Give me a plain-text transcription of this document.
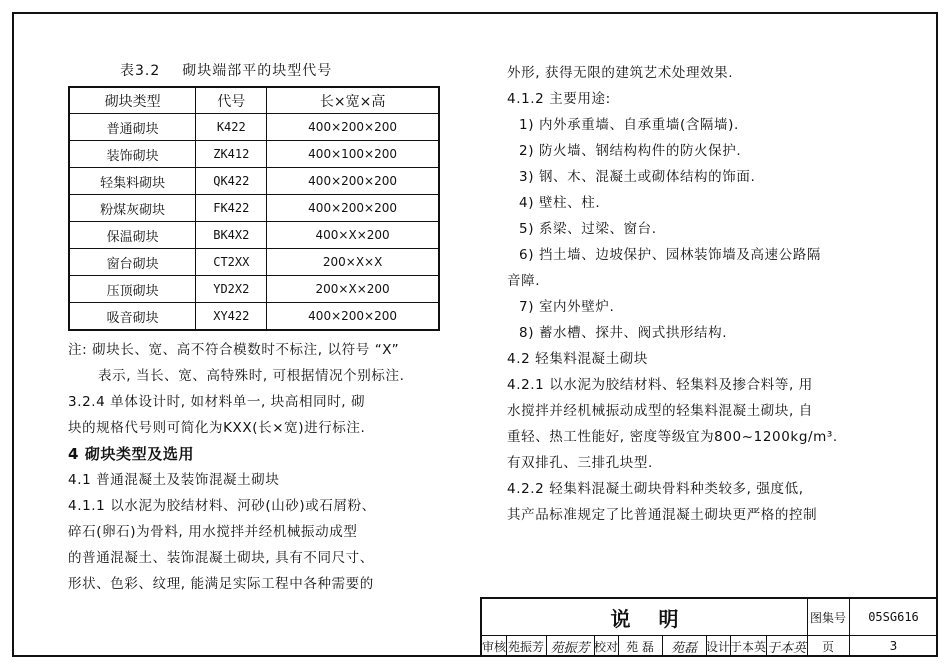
表3.2 砌块端部平的块型代号
砌块类型	代号	长×宽×高
普通砌块	K422	400×200×200
装饰砌块	ZK412	400×100×200
轻集料砌块	QK422	400×200×200
粉煤灰砌块	FK422	400×200×200
保温砌块	BK4X2	400×X×200
窗台砌块	CT2XX	200×X×X
压顶砌块	YD2X2	200×X×200
吸音砌块	XY422	400×200×200

注: 砌块长、宽、高不符合模数时不标注, 以符号 “X”

表示, 当长、宽、高特殊时, 可根据情况个别标注.

3.2.4 单体设计时, 如材料单一, 块高相同时, 砌

块的规格代号则可简化为KXX(长×宽)进行标注.

4 砌块类型及选用

4.1 普通混凝土及装饰混凝土砌块

4.1.1 以水泥为胶结材料、河砂(山砂)或石屑粉、

碎石(卵石)为骨料, 用水搅拌并经机械振动成型

的普通混凝土、装饰混凝土砌块, 具有不同尺寸、

形状、色彩、纹理, 能满足实际工程中各种需要的

外形, 获得无限的建筑艺术处理效果.

4.1.2 主要用途:

1) 内外承重墙、自承重墙(含隔墙).

2) 防火墙、钢结构构件的防火保护.

3) 钢、木、混凝土或砌体结构的饰面.

4) 壁柱、柱.

5) 系梁、过梁、窗台.

6) 挡土墙、边坡保护、园林装饰墙及高速公路隔

音障.

7) 室内外壁炉.

8) 蓄水槽、探井、阀式拱形结构.

4.2 轻集料混凝土砌块

4.2.1 以水泥为胶结材料、轻集料及掺合料等, 用

水搅拌并经机械振动成型的轻集料混凝土砌块, 自

重轻、热工性能好, 密度等级宜为800~1200kg/m³.

有双排孔、三排孔块型.

4.2.2 轻集料混凝土砌块骨料种类较多, 强度低,

其产品标准规定了比普通混凝土砌块更严格的控制

说明	图集号	05SG616
审核 苑振芳 苑振芳 校对 苑 磊	苑磊 设计 于本英 于本英	页	3
